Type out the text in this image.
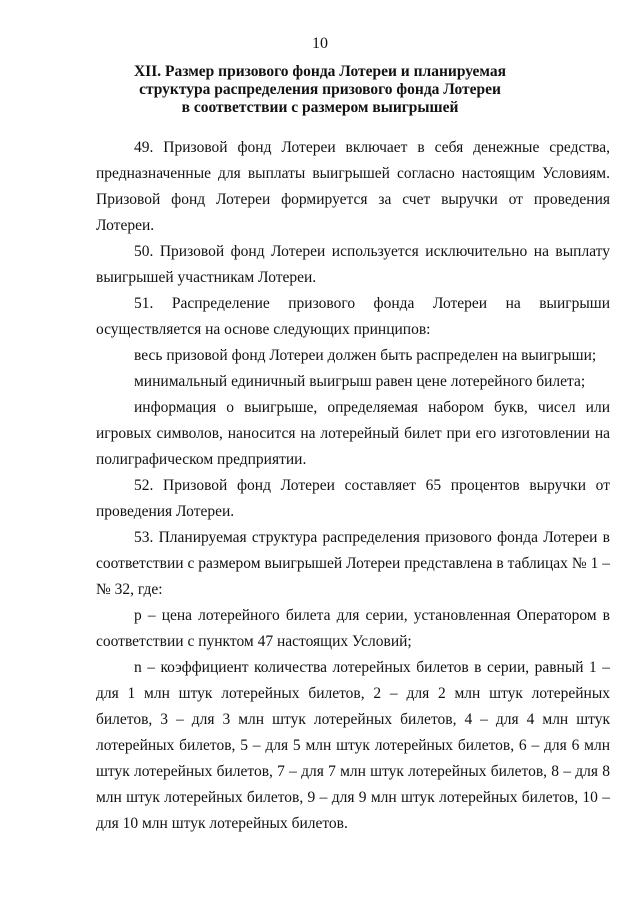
10
XII. Размер призового фонда Лотереи и планируемая
структура распределения призового фонда Лотереи
в соответствии с размером выигрышей

49. Призовой фонд Лотереи включает в себя денежные средства, предназначенные для выплаты выигрышей согласно настоящим Условиям. Призовой фонд Лотереи формируется за счет выручки от проведения Лотереи.

50. Призовой фонд Лотереи используется исключительно на выплату выигрышей участникам Лотереи.

51. Распределение призового фонда Лотереи на выигрыши осуществляется на основе следующих принципов:

весь призовой фонд Лотереи должен быть распределен на выигрыши;

минимальный единичный выигрыш равен цене лотерейного билета;

информация о выигрыше, определяемая набором букв, чисел или игровых символов, наносится на лотерейный билет при его изготовлении на полиграфическом предприятии.

52. Призовой фонд Лотереи составляет 65 процентов выручки от проведения Лотереи.

53. Планируемая структура распределения призового фонда Лотереи в соответствии с размером выигрышей Лотереи представлена в таблицах № 1 – № 32, где:

р – цена лотерейного билета для серии, установленная Оператором в соответствии с пунктом 47 настоящих Условий;

n – коэффициент количества лотерейных билетов в серии, равный 1 – для 1 млн штук лотерейных билетов, 2 – для 2 млн штук лотерейных билетов, 3 – для 3 млн штук лотерейных билетов, 4 – для 4 млн штук лотерейных билетов, 5 – для 5 млн штук лотерейных билетов, 6 – для 6 млн штук лотерейных билетов, 7 – для 7 млн штук лотерейных билетов, 8 – для 8 млн штук лотерейных билетов, 9 – для 9 млн штук лотерейных билетов, 10 – для 10 млн штук лотерейных билетов.
